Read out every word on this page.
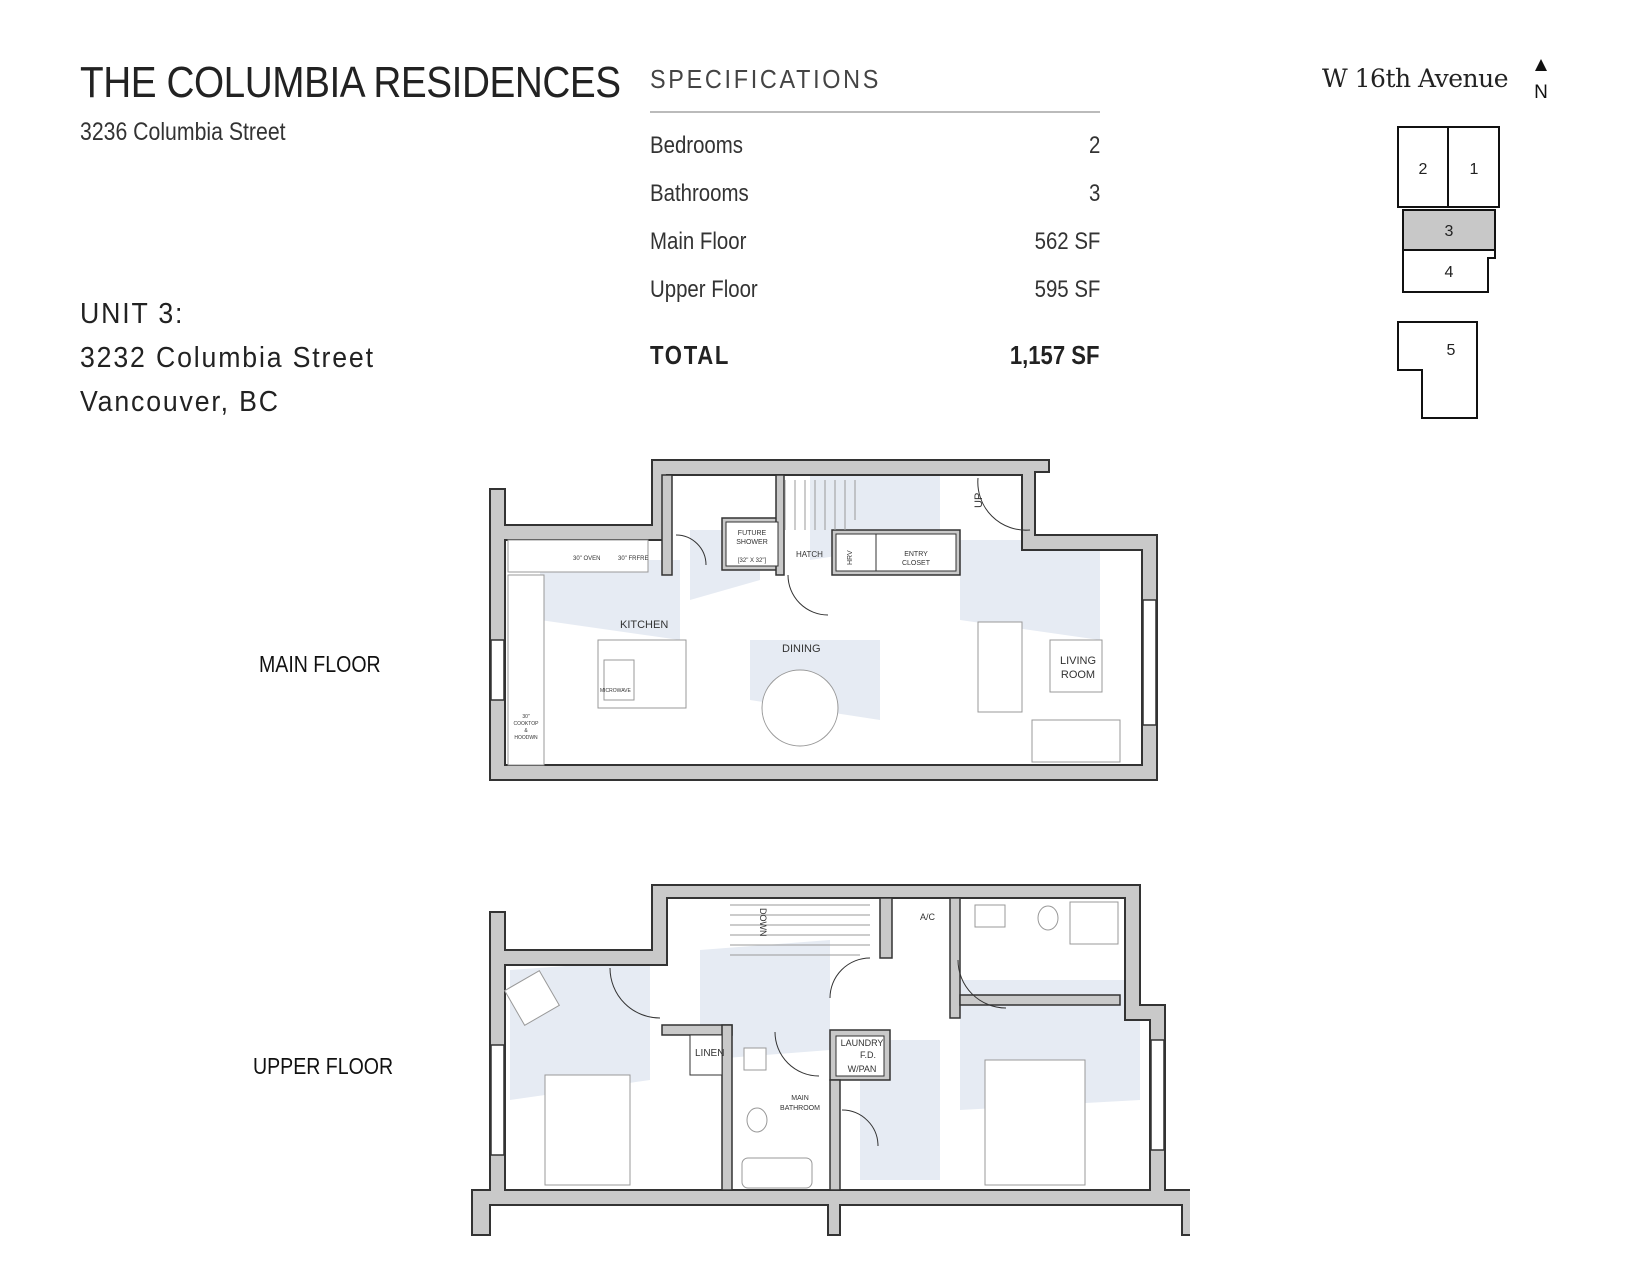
THE COLUMBIA RESIDENCES
3236 Columbia Street
UNIT 3:
3232 Columbia Street
Vancouver, BC
SPECIFICATIONS
Bedrooms	2
Bathrooms	3
Main Floor	562 SF
Upper Floor	595 SF
TOTAL	1,157 SF
W 16th Avenue N
2	1
3
4
5
MAIN FLOOR
UPPER FLOOR
KITCHEN
DINING
LIVING
ROOM
FUTURE
SHOWER
[32" X 32"]
HATCH	ENTRY
CLOSET
HRV
UP
30" OVEN	30" FRFRE
MICROWAVE
30"
COOKTOP
&
HOODWN
LINEN
LAUNDRY
F.D.
W/PAN
MAIN
BATHROOM
A/C
DOWN
